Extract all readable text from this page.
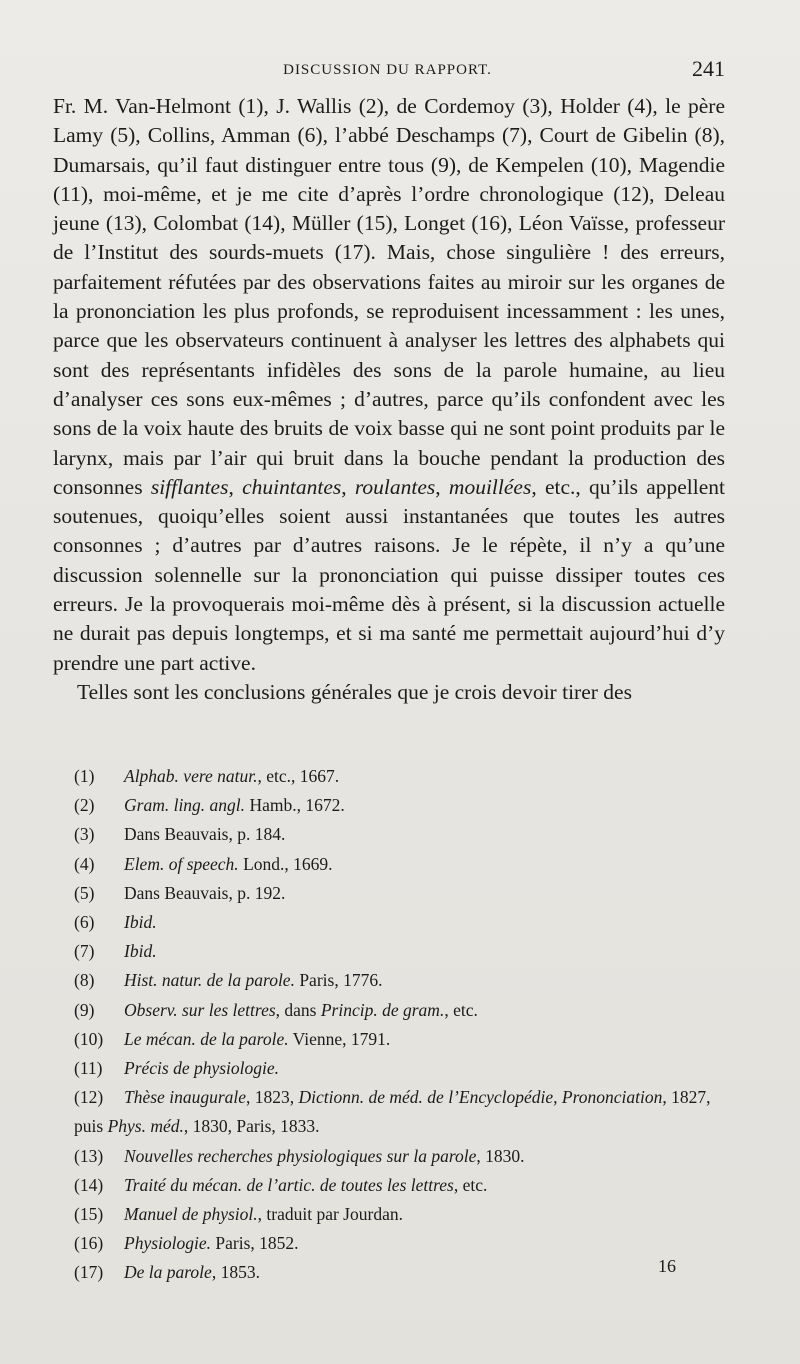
DISCUSSION DU RAPPORT.	241

Fr. M. Van-Helmont (1), J. Wallis (2), de Cordemoy (3), Holder (4), le père Lamy (5), Collins, Amman (6), l’abbé Deschamps (7), Court de Gibelin (8), Dumarsais, qu’il faut distinguer entre tous (9), de Kempelen (10), Magendie (11), moi-même, et je me cite d’après l’ordre chronologique (12), Deleau jeune (13), Colombat (14), Müller (15), Longet (16), Léon Vaïsse, professeur de l’Institut des sourds-muets (17). Mais, chose singulière ! des erreurs, parfaitement réfutées par des observations faites au miroir sur les organes de la prononciation les plus profonds, se reproduisent incessamment : les unes, parce que les observateurs continuent à analyser les lettres des alphabets qui sont des représentants infidèles des sons de la parole humaine, au lieu d’analyser ces sons eux-mêmes ; d’autres, parce qu’ils confondent avec les sons de la voix haute des bruits de voix basse qui ne sont point produits par le larynx, mais par l’air qui bruit dans la bouche pendant la production des consonnes sifflantes, chuintantes, roulantes, mouillées, etc., qu’ils appellent soutenues, quoiqu’elles soient aussi instantanées que toutes les autres consonnes ; d’autres par d’autres raisons. Je le répète, il n’y a qu’une discussion solennelle sur la prononciation qui puisse dissiper toutes ces erreurs. Je la provoquerais moi-même dès à présent, si la discussion actuelle ne durait pas depuis longtemps, et si ma santé me permettait aujourd’hui d’y prendre une part active.

Telles sont les conclusions générales que je crois devoir tirer des

(1) Alphab. vere natur., etc., 1667.
(2) Gram. ling. angl. Hamb., 1672.
(3) Dans Beauvais, p. 184.
(4) Elem. of speech. Lond., 1669.
(5) Dans Beauvais, p. 192.
(6) Ibid.
(7) Ibid.
(8) Hist. natur. de la parole. Paris, 1776.
(9) Observ. sur les lettres, dans Princip. de gram., etc.
(10) Le mécan. de la parole. Vienne, 1791.
(11) Précis de physiologie.
(12) Thèse inaugurale, 1823, Dictionn. de méd. de l’Encyclopédie, Prononciation, 1827, puis Phys. méd., 1830, Paris, 1833.
(13) Nouvelles recherches physiologiques sur la parole, 1830.
(14) Traité du mécan. de l’artic. de toutes les lettres, etc.
(15) Manuel de physiol., traduit par Jourdan.
(16) Physiologie. Paris, 1852.
(17) De la parole, 1853.	16
